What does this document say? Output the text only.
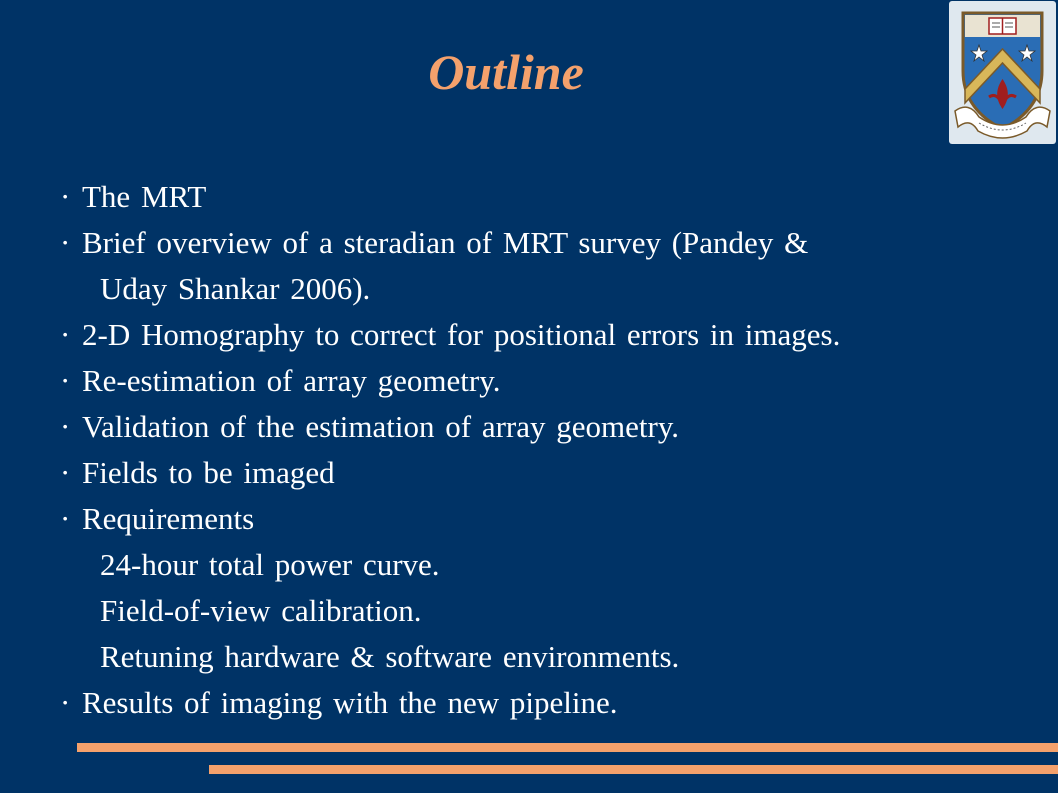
Outline
· The MRT
· Brief overview of a steradian of MRT survey (Pandey &
Uday Shankar 2006).
· 2-D Homography to correct for positional errors in images.
· Re-estimation of array geometry.
· Validation of the estimation of array geometry.
· Fields to be imaged
· Requirements
24-hour total power curve.
Field-of-view calibration.
Retuning hardware & software environments.
· Results of imaging with the new pipeline.
